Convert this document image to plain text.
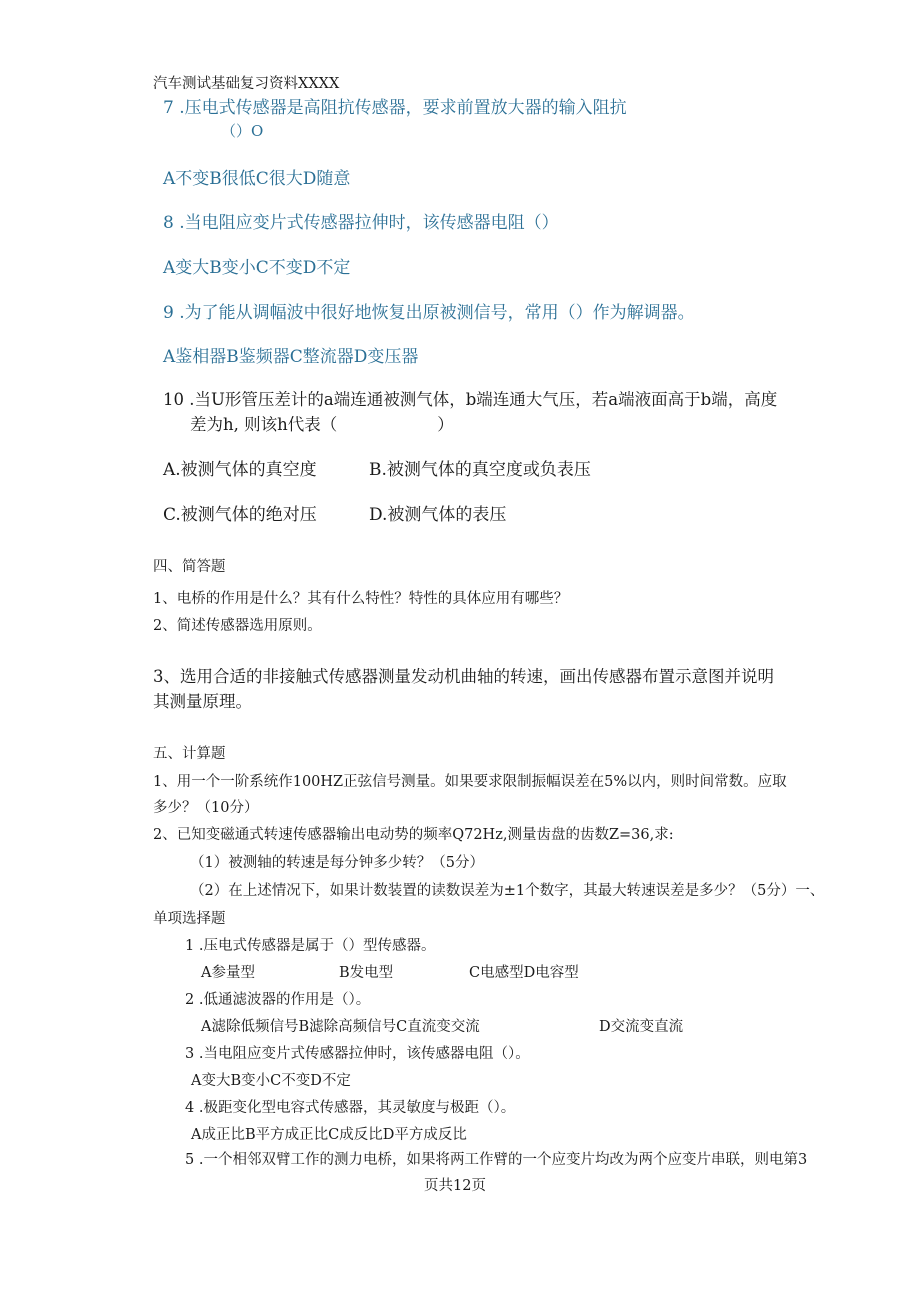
汽车测试基础复习资料XXXX
7 .压电式传感器是高阻抗传感器，要求前置放大器的输入阻抗
（）O
A不变B很低C很大D随意
8 .当电阻应变片式传感器拉伸时，该传感器电阻（）
A变大B变小C不变D不定
9 .为了能从调幅波中很好地恢复出原被测信号，常用（）作为解调器。
A鉴相器B鉴频器C整流器D变压器
10 .当U形管压差计的a端连通被测气体，b端连通大气压，若a端液面高于b端，高度
差为h, 则该h代表（	）
A.被测气体的真空度	B.被测气体的真空度或负表压
C.被测气体的绝对压	D.被测气体的表压
四、简答题
1、电桥的作用是什么？其有什么特性？特性的具体应用有哪些？
2、简述传感器选用原则。
3、选用合适的非接触式传感器测量发动机曲轴的转速，画出传感器布置示意图并说明
其测量原理。
五、计算题
1、用一个一阶系统作100HZ正弦信号测量。如果要求限制振幅误差在5%以内，则时间常数。应取
多少？（10分）
2、已知变磁通式转速传感器输出电动势的频率Q72Hz,测量齿盘的齿数Z=36,求:
（1）被测轴的转速是每分钟多少转？（5分）
（2）在上述情况下，如果计数装置的读数误差为±1个数字，其最大转速误差是多少？（5分）一、
单项选择题
1 .压电式传感器是属于（）型传感器。
A参量型	B发电型	C电感型D电容型
2 .低通滤波器的作用是（）。
A滤除低频信号B滤除高频信号C直流变交流	D交流变直流
3 .当电阻应变片式传感器拉伸时，该传感器电阻（）。
A变大B变小C不变D不定
4 .极距变化型电容式传感器，其灵敏度与极距（）。
A成正比B平方成正比C成反比D平方成反比
5 .一个相邻双臂工作的测力电桥，如果将两工作臂的一个应变片均改为两个应变片串联，则电第3
页共12页
